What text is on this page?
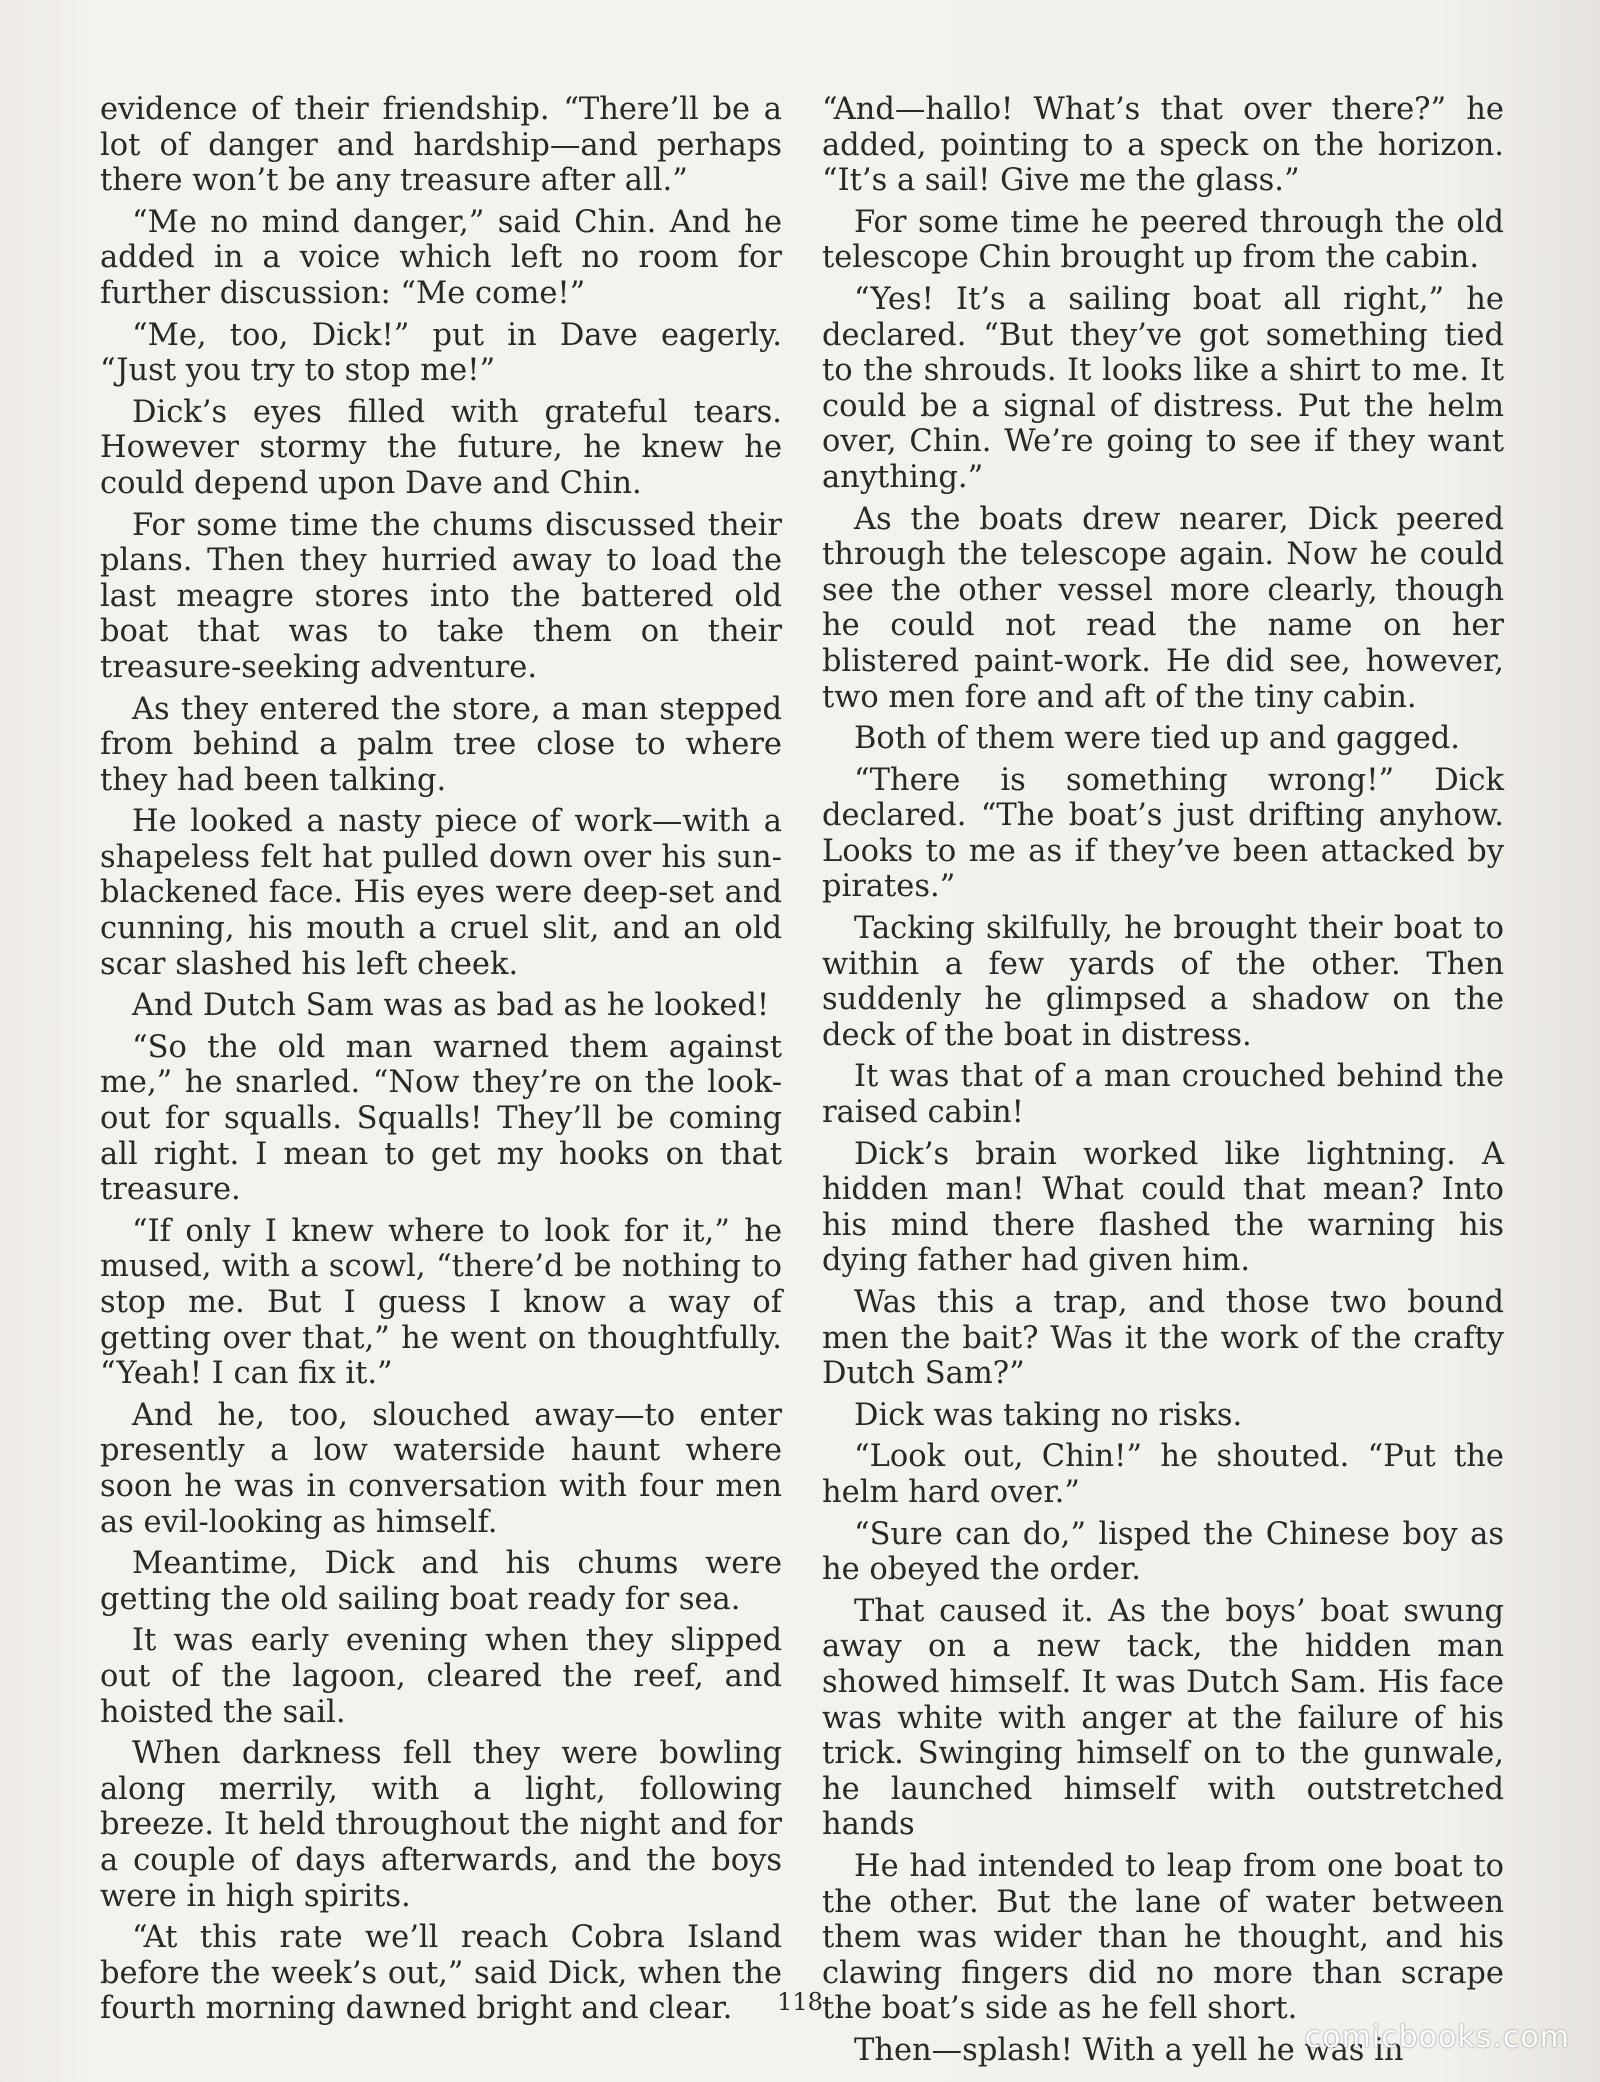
evidence of their friendship. “There’ll be a lot of danger and hardship—and perhaps there won’t be any treasure after all.”

“Me no mind danger,” said Chin. And he added in a voice which left no room for further discussion: “Me come!”

“Me, too, Dick!” put in Dave eagerly. “Just you try to stop me!”

Dick’s eyes filled with grateful tears. However stormy the future, he knew he could depend upon Dave and Chin.

For some time the chums discussed their plans. Then they hurried away to load the last meagre stores into the battered old boat that was to take them on their treasure-seeking adventure.

As they entered the store, a man stepped from behind a palm tree close to where they had been talking.

He looked a nasty piece of work—with a shapeless felt hat pulled down over his sun-blackened face. His eyes were deep-set and cunning, his mouth a cruel slit, and an old scar slashed his left cheek.

And Dutch Sam was as bad as he looked!

“So the old man warned them against me,” he snarled. “Now they’re on the look-out for squalls. Squalls! They’ll be coming all right. I mean to get my hooks on that treasure.

“If only I knew where to look for it,” he mused, with a scowl, “there’d be nothing to stop me. But I guess I know a way of getting over that,” he went on thoughtfully. “Yeah! I can fix it.”

And he, too, slouched away—to enter presently a low waterside haunt where soon he was in conversation with four men as evil-looking as himself.

Meantime, Dick and his chums were getting the old sailing boat ready for sea.

It was early evening when they slipped out of the lagoon, cleared the reef, and hoisted the sail.

When darkness fell they were bowling along merrily, with a light, following breeze. It held throughout the night and for a couple of days afterwards, and the boys were in high spirits.

“At this rate we’ll reach Cobra Island before the week’s out,” said Dick, when the fourth morning dawned bright and clear.

“And—hallo! What’s that over there?” he added, pointing to a speck on the horizon. “It’s a sail! Give me the glass.”

For some time he peered through the old telescope Chin brought up from the cabin.

“Yes! It’s a sailing boat all right,” he declared. “But they’ve got something tied to the shrouds. It looks like a shirt to me. It could be a signal of distress. Put the helm over, Chin. We’re going to see if they want anything.”

As the boats drew nearer, Dick peered through the telescope again. Now he could see the other vessel more clearly, though he could not read the name on her blistered paint-work. He did see, however, two men fore and aft of the tiny cabin.

Both of them were tied up and gagged.

“There is something wrong!” Dick declared. “The boat’s just drifting anyhow. Looks to me as if they’ve been attacked by pirates.”

Tacking skilfully, he brought their boat to within a few yards of the other. Then suddenly he glimpsed a shadow on the deck of the boat in distress.

It was that of a man crouched behind the raised cabin!

Dick’s brain worked like lightning. A hidden man! What could that mean? Into his mind there flashed the warning his dying father had given him.

Was this a trap, and those two bound men the bait? Was it the work of the crafty Dutch Sam?”

Dick was taking no risks.

“Look out, Chin!” he shouted. “Put the helm hard over.”

“Sure can do,” lisped the Chinese boy as he obeyed the order.

That caused it. As the boys’ boat swung away on a new tack, the hidden man showed himself. It was Dutch Sam. His face was white with anger at the failure of his trick. Swinging himself on to the gunwale, he launched himself with outstretched hands

He had intended to leap from one boat to the other. But the lane of water between them was wider than he thought, and his clawing fingers did no more than scrape the boat’s side as he fell short.

Then—splash! With a yell he was in

118
comicbooks.com
